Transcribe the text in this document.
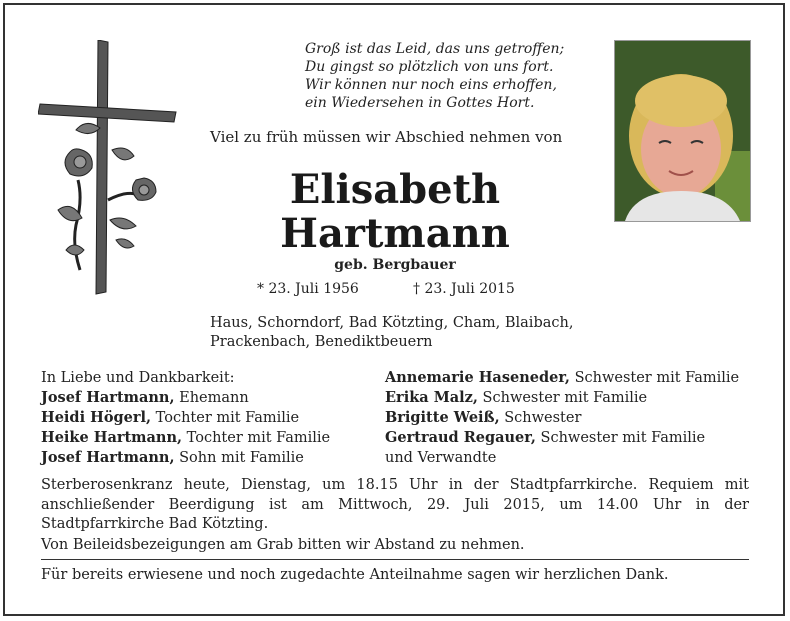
Groß ist das Leid, das uns getroffen;
Du gingst so plötzlich von uns fort.
Wir können nur noch eins erhoffen,
ein Wiedersehen in Gottes Hort.
Viel zu früh müssen wir Abschied nehmen von
Elisabeth
Hartmann
geb. Bergbauer
* 23. Juli 1956	† 23. Juli 2015
Haus, Schorndorf, Bad Kötzting, Cham, Blaibach,
Prackenbach, Benediktbeuern
In Liebe und Dankbarkeit:
Josef Hartmann, Ehemann
Heidi Högerl, Tochter mit Familie
Heike Hartmann, Tochter mit Familie
Josef Hartmann, Sohn mit Familie
Annemarie Haseneder, Schwester mit Familie
Erika Malz, Schwester mit Familie
Brigitte Weiß, Schwester
Gertraud Regauer, Schwester mit Familie
und Verwandte
Sterberosenkranz heute, Dienstag, um 18.15 Uhr in der Stadtpfarrkirche. Requiem mit anschließender Beerdigung ist am Mittwoch, 29. Juli 2015, um 14.00 Uhr in der Stadtpfarrkirche Bad Kötzting.
Von Beileidsbezeigungen am Grab bitten wir Abstand zu nehmen.
Für bereits erwiesene und noch zugedachte Anteilnahme sagen wir herzlichen Dank.
